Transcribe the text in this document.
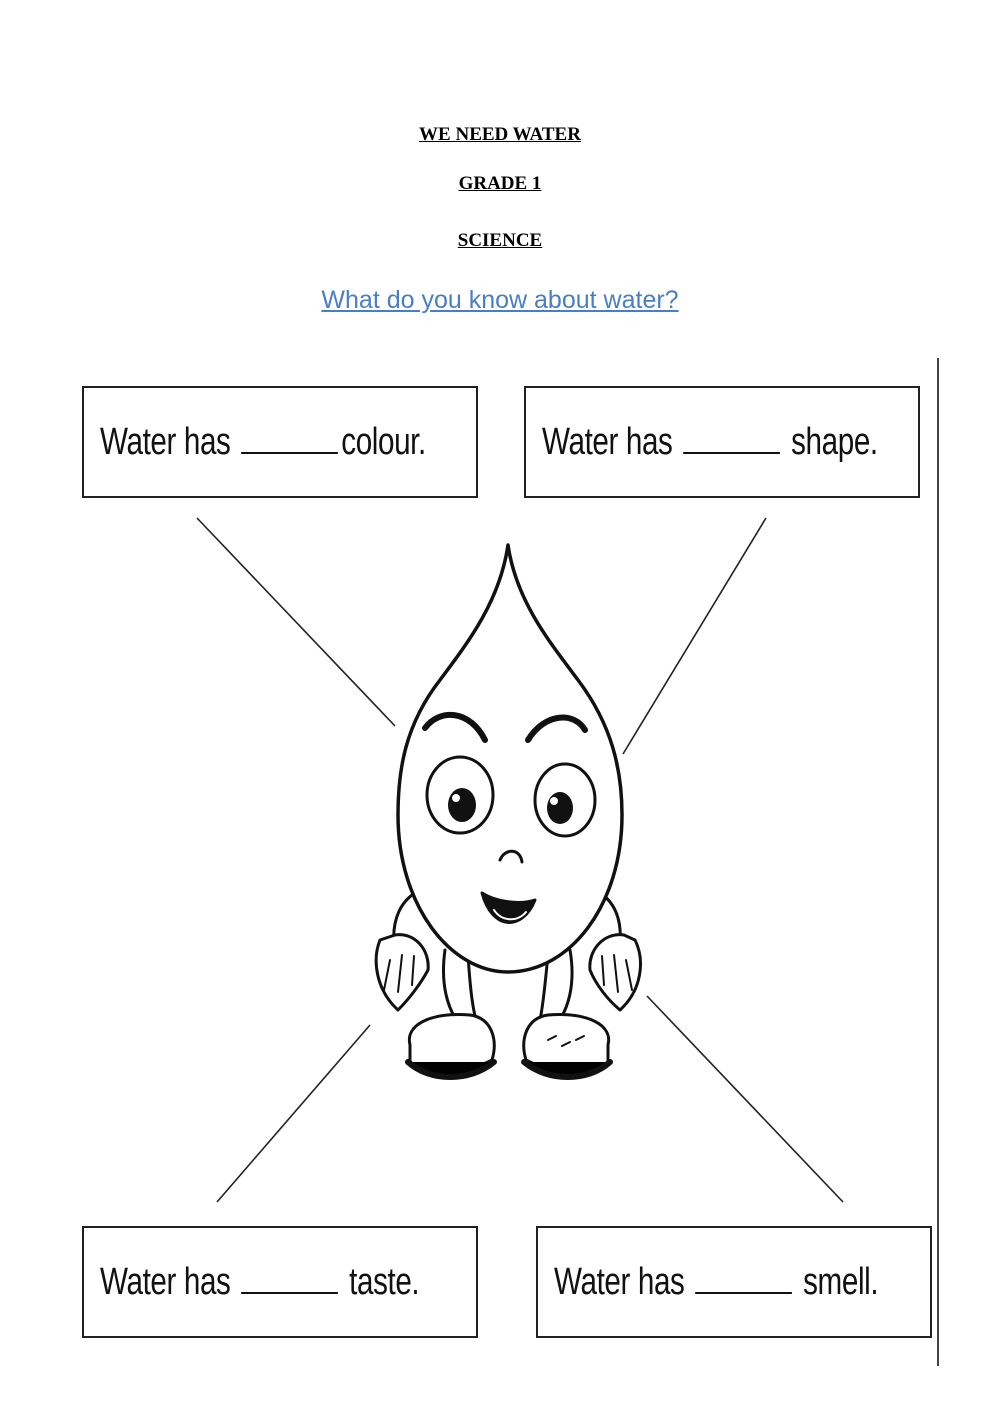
WE NEED WATER
GRADE 1
SCIENCE
What do you know about water?
Water has	colour.	Water has	shape.
Water has	taste.	Water has	smell.
